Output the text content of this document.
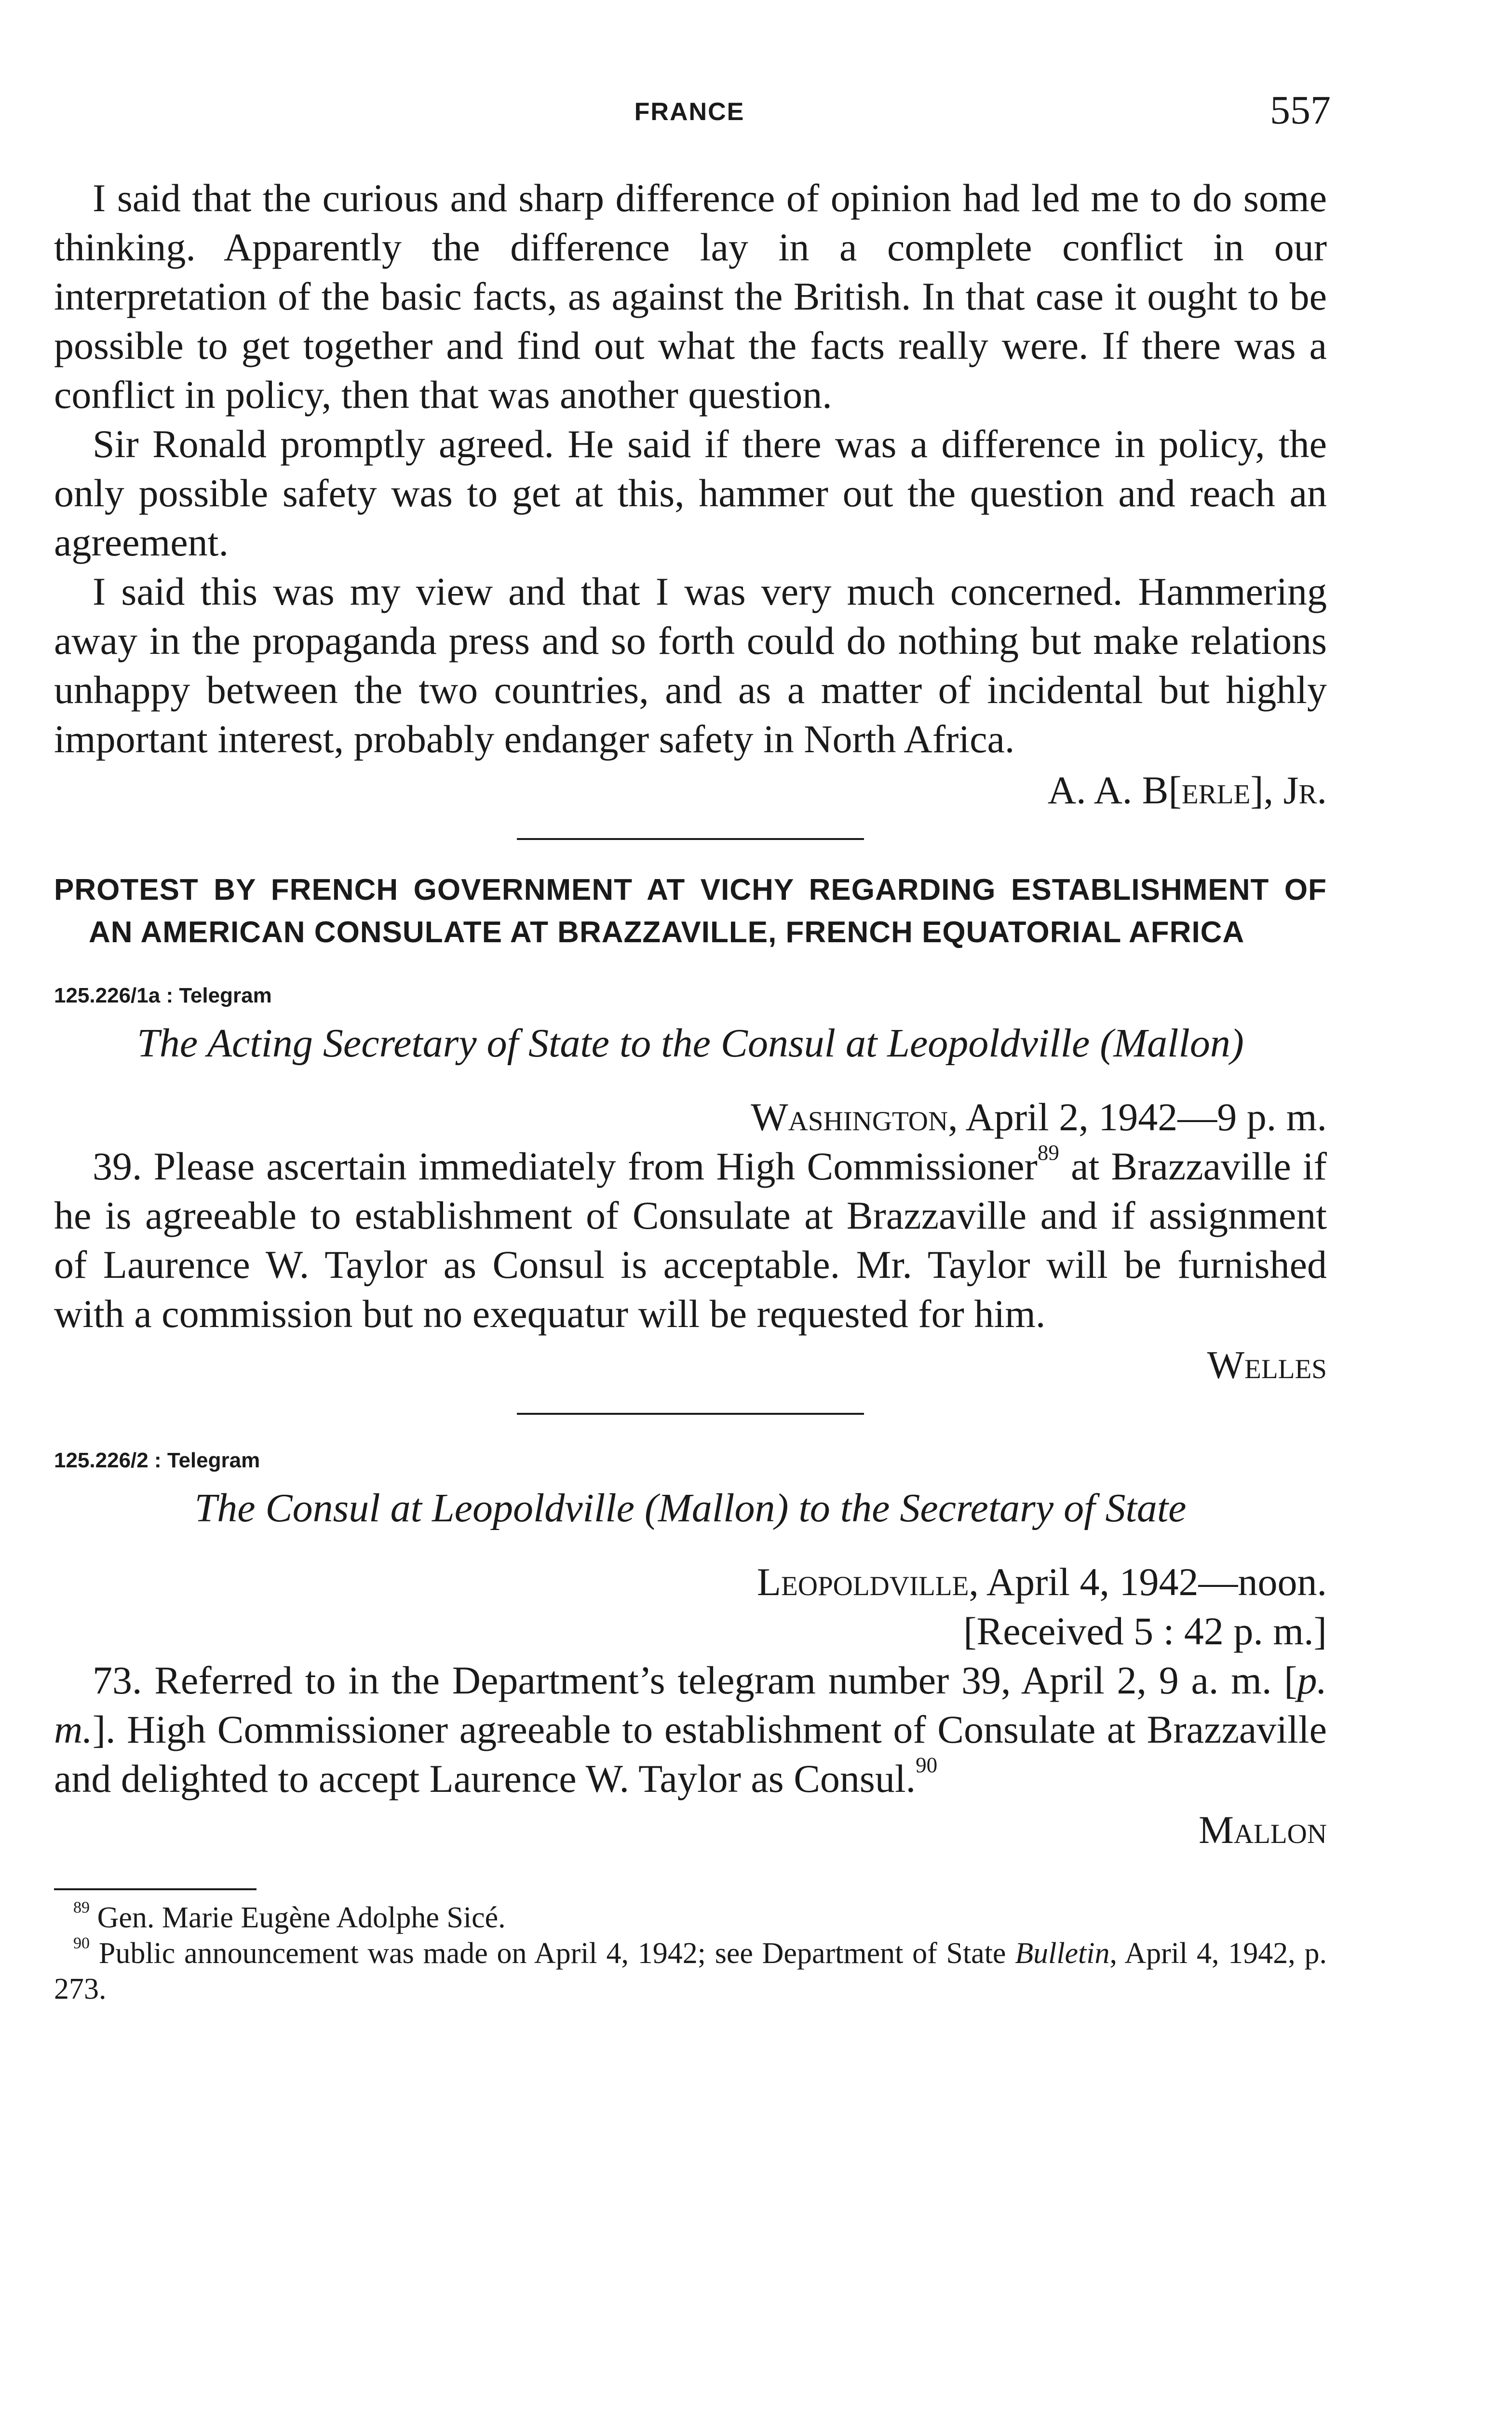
FRANCE	557

I said that the curious and sharp difference of opinion had led me to do some thinking. Apparently the difference lay in a complete conflict in our interpretation of the basic facts, as against the British. In that case it ought to be possible to get together and find out what the facts really were. If there was a conflict in policy, then that was another question.

Sir Ronald promptly agreed. He said if there was a difference in policy, the only possible safety was to get at this, hammer out the question and reach an agreement.

I said this was my view and that I was very much concerned. Hammering away in the propaganda press and so forth could do nothing but make relations unhappy between the two countries, and as a matter of incidental but highly important interest, probably endanger safety in North Africa.

A. A. B[erle], Jr.

PROTEST BY FRENCH GOVERNMENT AT VICHY REGARDING ESTABLISHMENT OF AN AMERICAN CONSULATE AT BRAZZAVILLE, FRENCH EQUATORIAL AFRICA
125.226/1a : Telegram
The Acting Secretary of State to the Consul at Leopoldville (Mallon)

Washington, April 2, 1942—9 p. m.

39. Please ascertain immediately from High Commissioner$^{89}$ at Brazzaville if he is agreeable to establishment of Consulate at Brazzaville and if assignment of Laurence W. Taylor as Consul is acceptable. Mr. Taylor will be furnished with a commission but no exequatur will be requested for him.

Welles

125.226/2 : Telegram
The Consul at Leopoldville (Mallon) to the Secretary of State

Leopoldville, April 4, 1942—noon.

[Received 5 : 42 p. m.]

73. Referred to in the Department’s telegram number 39, April 2, 9 a. m. [p. m.]. High Commissioner agreeable to establishment of Consulate at Brazzaville and delighted to accept Laurence W. Taylor as Consul.$^{90}$

Mallon

$^{89}$ Gen. Marie Eugène Adolphe Sicé.

$^{90}$ Public announcement was made on April 4, 1942; see Department of State Bulletin, April 4, 1942, p. 273.
